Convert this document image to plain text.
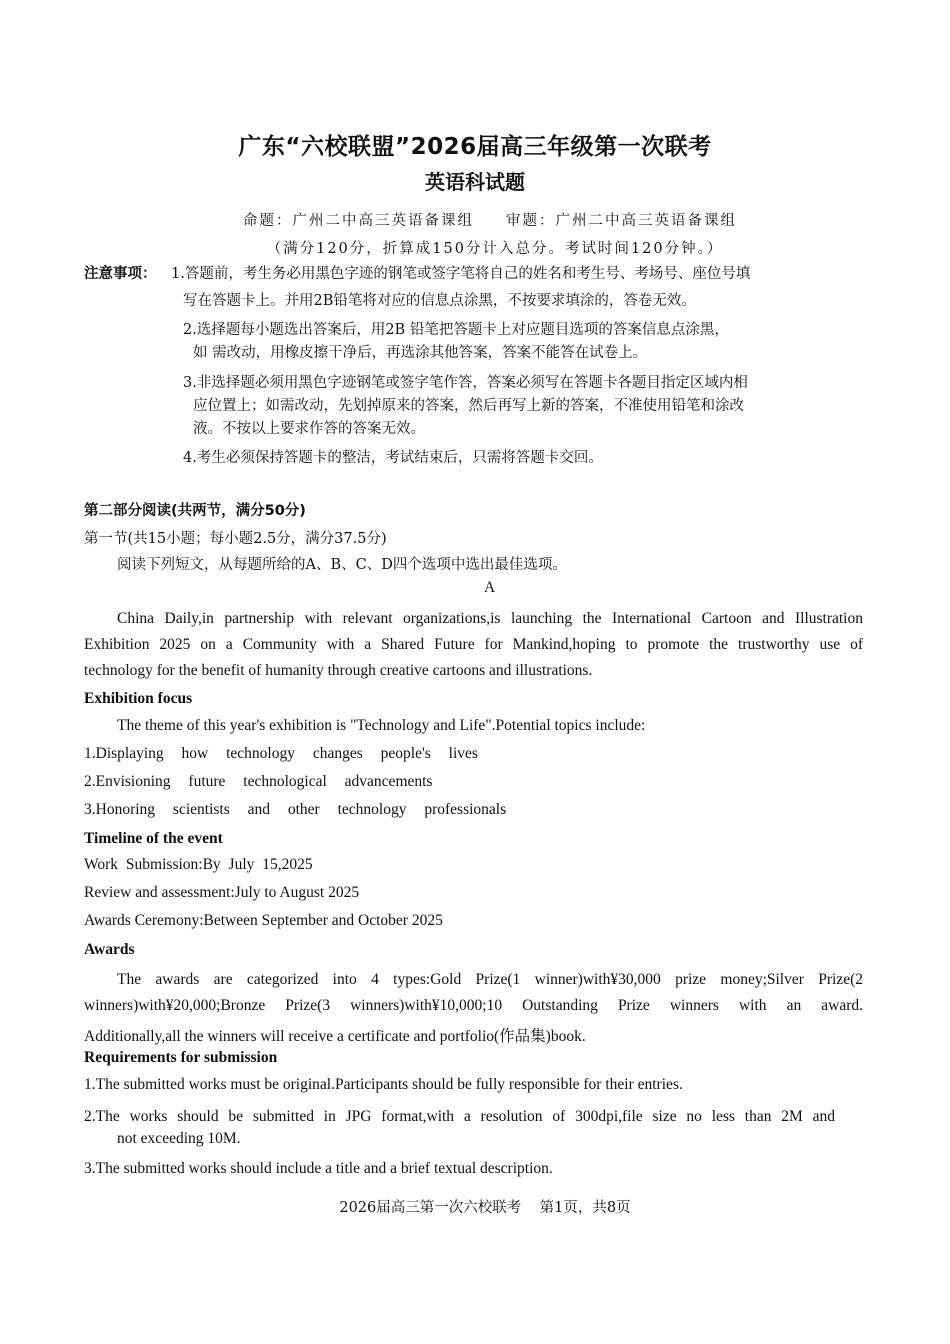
广东“六校联盟”2026届高三年级第一次联考
英语科试题
命题：广州二中高三英语备课组 审题：广州二中高三英语备课组
（满分120分，折算成150分计入总分。考试时间120分钟。）
注意事项： 1.答题前，考生务必用黑色字迹的钢笔或签字笔将自己的姓名和考生号、考场号、座位号填
写在答题卡上。并用2B铅笔将对应的信息点涂黑，不按要求填涂的，答卷无效。
2.选择题每小题选出答案后，用2B 铅笔把答题卡上对应题目选项的答案信息点涂黑，
如 需改动，用橡皮擦干净后，再选涂其他答案，答案不能答在试卷上。
3.非选择题必须用黑色字迹钢笔或签字笔作答，答案必须写在答题卡各题目指定区域内相
应位置上；如需改动，先划掉原来的答案，然后再写上新的答案，不准使用铅笔和涂改
液。不按以上要求作答的答案无效。
4.考生必须保持答题卡的整洁，考试结束后，只需将答题卡交回。
第二部分阅读(共两节，满分50分)
第一节(共15小题；每小题2.5分，满分37.5分)
阅读下列短文，从每题所给的A、B、C、D四个选项中选出最佳选项。
A
China Daily,in partnership with relevant organizations,is launching the International Cartoon and Illustration
Exhibition 2025 on a Community with a Shared Future for Mankind,hoping to promote the trustworthy use of
technology for the benefit of humanity through creative cartoons and illustrations.
Exhibition focus
The theme of this year's exhibition is "Technology and Life".Potential topics include:
1.Displaying how technology changes people's lives
2.Envisioning future technological advancements
3.Honoring scientists and other technology professionals
Timeline of the event
Work Submission:By July 15,2025
Review and assessment:July to August 2025
Awards Ceremony:Between September and October 2025
Awards
The awards are categorized into 4 types:Gold Prize(1 winner)with¥30,000 prize money;Silver Prize(2
winners)with¥20,000;Bronze Prize(3 winners)with¥10,000;10 Outstanding Prize winners with an award.
Additionally,all the winners will receive a certificate and portfolio(作品集)book.
Requirements for submission
1.The submitted works must be original.Participants should be fully responsible for their entries.
2.The works should be submitted in JPG format,with a resolution of 300dpi,file size no less than 2M and
not exceeding 10M.
3.The submitted works should include a title and a brief textual description.
2026届高三第一次六校联考    第1页，共8页
